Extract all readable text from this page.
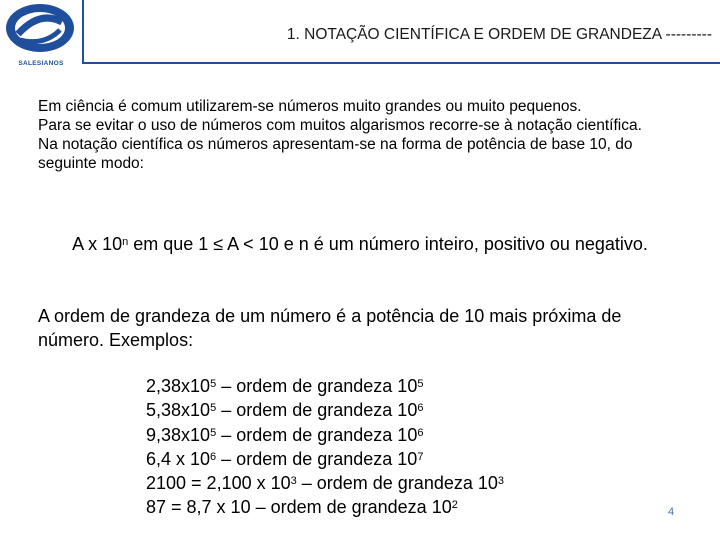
SALESIANOS
1. NOTAÇÃO CIENTÍFICA E ORDEM DE GRANDEZA ---------

Em ciência é comum utilizarem-se números muito grandes ou muito pequenos.

Para se evitar o uso de números com muitos algarismos recorre-se à notação científica.

Na notação científica os números apresentam-se na forma de potência de base 10, do seguinte modo:

A x 10$^n$ em que 1 ≤ A < 10 e n é um número inteiro, positivo ou negativo.
A ordem de grandeza de um número é a potência de 10 mais próxima de número. Exemplos:
$2,38x10^5$ – ordem de grandeza $10^5$
$5,38x10^5$ – ordem de grandeza $10^6$
$9,38x10^5$ – ordem de grandeza $10^6$
6,4 x $10^6$ – ordem de grandeza $10^7$
2100 = 2,100 x $10^3$ – ordem de grandeza $10^3$
87 = 8,7 x 10 – ordem de grandeza $10^2$
4
